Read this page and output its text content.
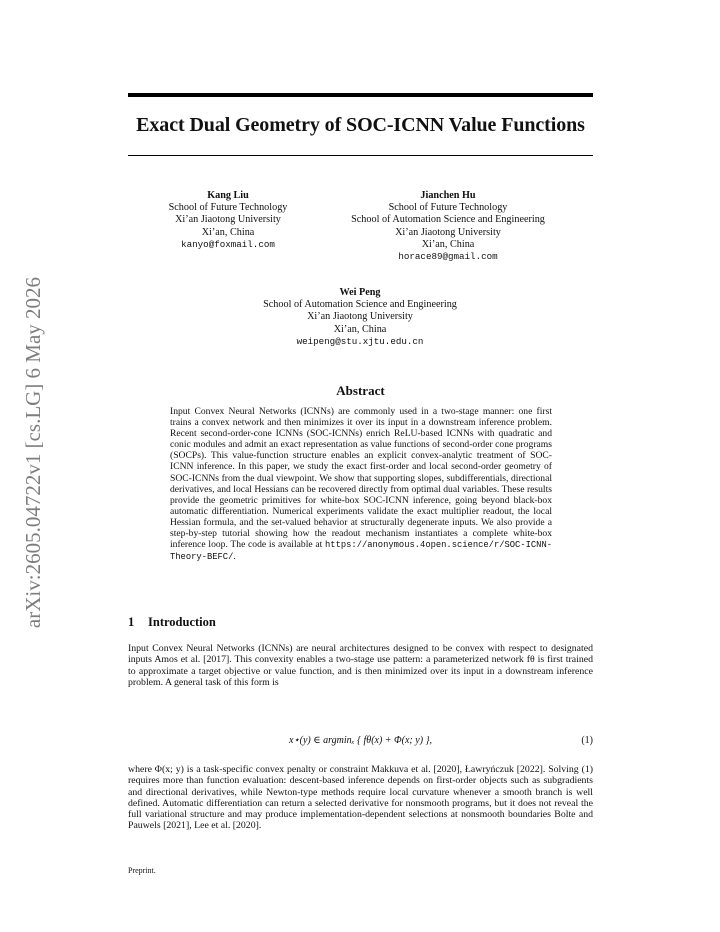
arXiv:2605.04722v1 [cs.LG] 6 May 2026
Exact Dual Geometry of SOC-ICNN Value Functions
Kang Liu
School of Future Technology
Xi’an Jiaotong University
Xi’an, China
kanyo@foxmail.com
Jianchen Hu
School of Future Technology
School of Automation Science and Engineering
Xi’an Jiaotong University
Xi’an, China
horace89@gmail.com
Wei Peng
School of Automation Science and Engineering
Xi’an Jiaotong University
Xi’an, China
weipeng@stu.xjtu.edu.cn
Abstract
Input Convex Neural Networks (ICNNs) are commonly used in a two-stage manner: one first trains a convex network and then minimizes it over its input in a downstream inference problem. Recent second-order-cone ICNNs (SOC-ICNNs) enrich ReLU-based ICNNs with quadratic and conic modules and admit an exact representation as value functions of second-order cone programs (SOCPs). This value-function structure enables an explicit convex-analytic treatment of SOC-ICNN inference. In this paper, we study the exact first-order and local second-order geometry of SOC-ICNNs from the dual viewpoint. We show that supporting slopes, subdifferentials, directional derivatives, and local Hessians can be recovered directly from optimal dual variables. These results provide the geometric primitives for white-box SOC-ICNN inference, going beyond black-box automatic differentiation. Numerical experiments validate the exact multiplier readout, the local Hessian formula, and the set-valued behavior at structurally degenerate inputs. We also provide a step-by-step tutorial showing how the readout mechanism instantiates a complete white-box inference loop. The code is available at https://anonymous.4open.science/r/SOC-ICNN-Theory-BEFC/.
1 Introduction
Input Convex Neural Networks (ICNNs) are neural architectures designed to be convex with respect to designated inputs Amos et al. [2017]. This convexity enables a two-stage use pattern: a parameterized network fθ is first trained to approximate a target objective or value function, and is then minimized over its input in a downstream inference problem. A general task of this form is
x⋆(y) ∈ argminₓ { fθ(x) + Φ(x; y) },	(1)
where Φ(x; y) is a task-specific convex penalty or constraint Makkuva et al. [2020], Ławryńczuk [2022]. Solving (1) requires more than function evaluation: descent-based inference depends on first-order objects such as subgradients and directional derivatives, while Newton-type methods require local curvature whenever a smooth branch is well defined. Automatic differentiation can return a selected derivative for nonsmooth programs, but it does not reveal the full variational structure and may produce implementation-dependent selections at nonsmooth boundaries Bolte and Pauwels [2021], Lee et al. [2020].
Preprint.
